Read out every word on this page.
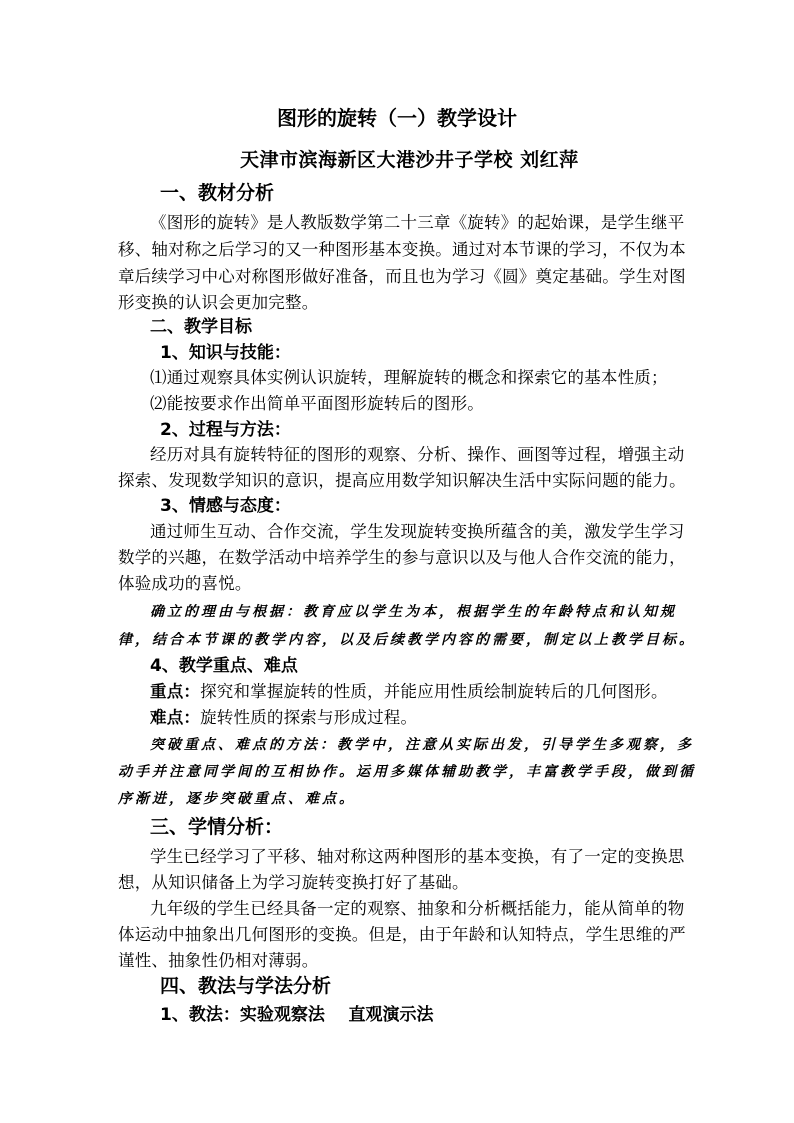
图形的旋转（一）教学设计
天津市滨海新区大港沙井子学校 刘红萍
一、教材分析
《图形的旋转》是人教版数学第二十三章《旋转》的起始课，是学生继平
移、轴对称之后学习的又一种图形基本变换。通过对本节课的学习，不仅为本
章后续学习中心对称图形做好准备，而且也为学习《圆》奠定基础。学生对图
形变换的认识会更加完整。
二、教学目标
1、知识与技能：
⑴通过观察具体实例认识旋转，理解旋转的概念和探索它的基本性质；
⑵能按要求作出简单平面图形旋转后的图形。
2、过程与方法：
经历对具有旋转特征的图形的观察、分析、操作、画图等过程，增强主动
探索、发现数学知识的意识，提高应用数学知识解决生活中实际问题的能力。
3、情感与态度：
通过师生互动、合作交流，学生发现旋转变换所蕴含的美，激发学生学习
数学的兴趣，在数学活动中培养学生的参与意识以及与他人合作交流的能力，
体验成功的喜悦。
确立的理由与根据：教育应以学生为本，根据学生的年龄特点和认知规
律，结合本节课的教学内容，以及后续教学内容的需要，制定以上教学目标。
4、教学重点、难点
重点：探究和掌握旋转的性质，并能应用性质绘制旋转后的几何图形。
难点：旋转性质的探索与形成过程。
突破重点、难点的方法：教学中，注意从实际出发，引导学生多观察，多
动手并注意同学间的互相协作。运用多媒体辅助教学，丰富教学手段，做到循
序渐进，逐步突破重点、难点。
三、学情分析：
学生已经学习了平移、轴对称这两种图形的基本变换，有了一定的变换思
想，从知识储备上为学习旋转变换打好了基础。
九年级的学生已经具备一定的观察、抽象和分析概括能力，能从简单的物
体运动中抽象出几何图形的变换。但是，由于年龄和认知特点，学生思维的严
谨性、抽象性仍相对薄弱。
四、教法与学法分析
1、教法：实验观察法    直观演示法
